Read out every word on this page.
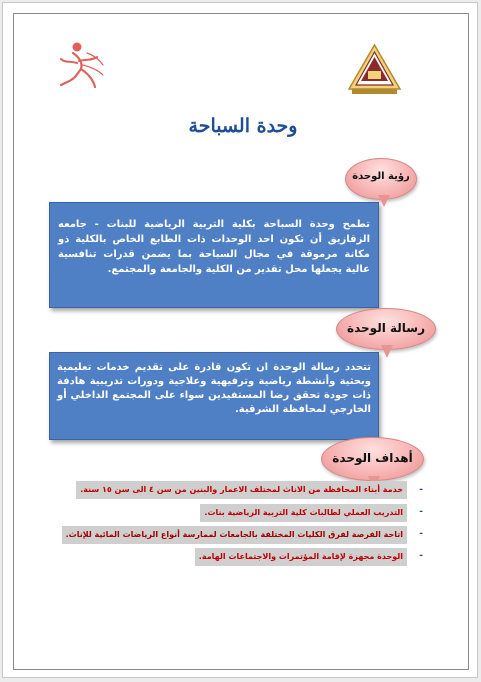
وحدة السباحة
رؤية الوحدة
تطمح وحدة السباحة بكلية التربية الرياضية للبنات - جامعه الزقازيق أن تكون احد الوحدات ذات الطابع الخاص بالكلية ذو مكانة مرموقة في مجال السباحة بما يضمن قدرات تنافسية عالية يجعلها محل تقدير من الكلية والجامعة والمجتمع.
رسالة الوحدة
تتحدد رسالة الوحدة ان تكون قادرة على تقديم خدمات تعليمية وبحثية وأنشطة رياضية وترفيهية وعلاجية ودورات تدريبية هادفة ذات جودة تحقق رضا المستفيدين سواء على المجتمع الداخلي أو الخارجي لمحافظة الشرقية.
أهداف الوحدة
-
خدمة أبناء المحافظة من الاناث لمختلف الاعمار والبنين من سن ٤ الى سن ١٥ سنة.
-
التدريب العملي لطالبات كلية التربية الرياضية بنات.
-
اتاحة الفرصة لفرق الكليات المختلفة بالجامعات لممارسة أنواع الرياضات المائية للإناث.
-
الوحدة مجهزة لإقامة المؤتمرات والاجتماعات الهامة.
